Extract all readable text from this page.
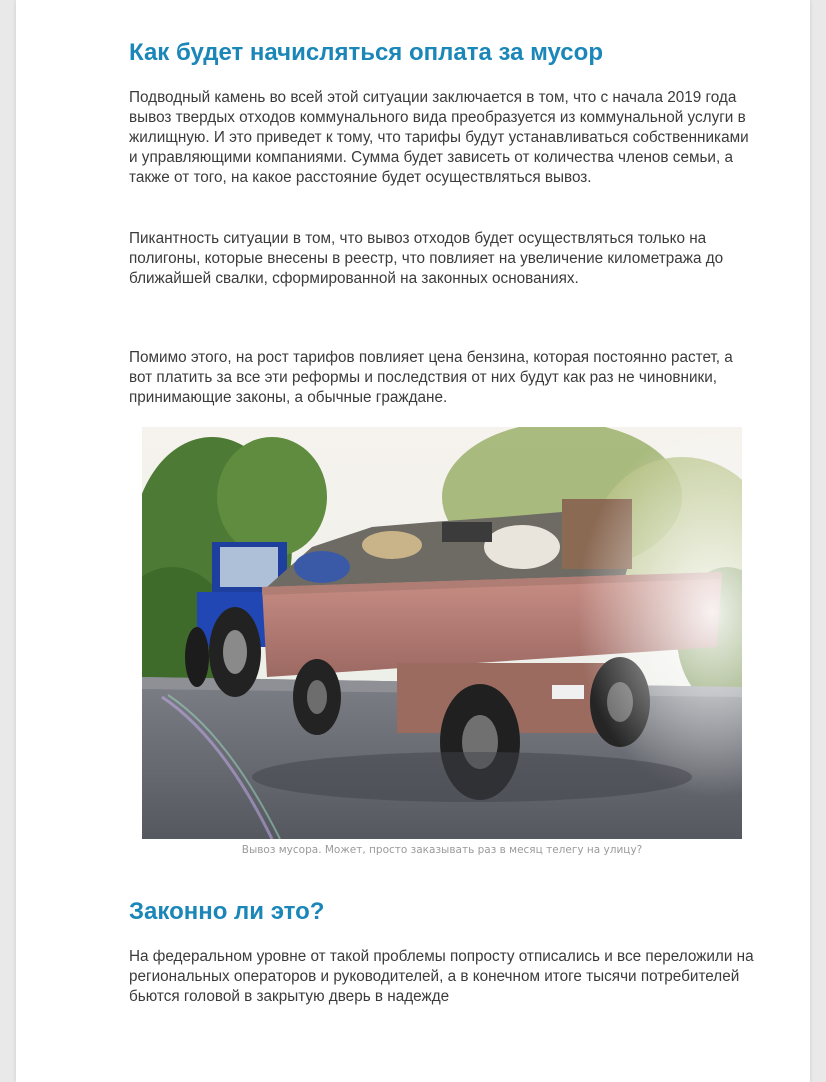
Как будет начисляться оплата за мусор

Подводный камень во всей этой ситуации заключается в том, что с начала 2019 года вывоз твердых отходов коммунального вида преобразуется из коммунальной услуги в жилищную. И это приведет к тому, что тарифы будут устанавливаться собственниками и управляющими компаниями. Сумма будет зависеть от количества членов семьи, а также от того, на какое расстояние будет осуществляться вывоз.

Пикантность ситуации в том, что вывоз отходов будет осуществляться только на полигоны, которые внесены в реестр, что повлияет на увеличение километража до ближайшей свалки, сформированной на законных основаниях.

Помимо этого, на рост тарифов повлияет цена бензина, которая постоянно растет, а вот платить за все эти реформы и последствия от них будут как раз не чиновники, принимающие законы, а обычные граждане.

Вывоз мусора. Может, просто заказывать раз в месяц телегу на улицу?
Законно ли это?

На федеральном уровне от такой проблемы попросту отписались и все переложили на региональных операторов и руководителей, а в конечном итоге тысячи потребителей бьются головой в закрытую дверь в надежде
